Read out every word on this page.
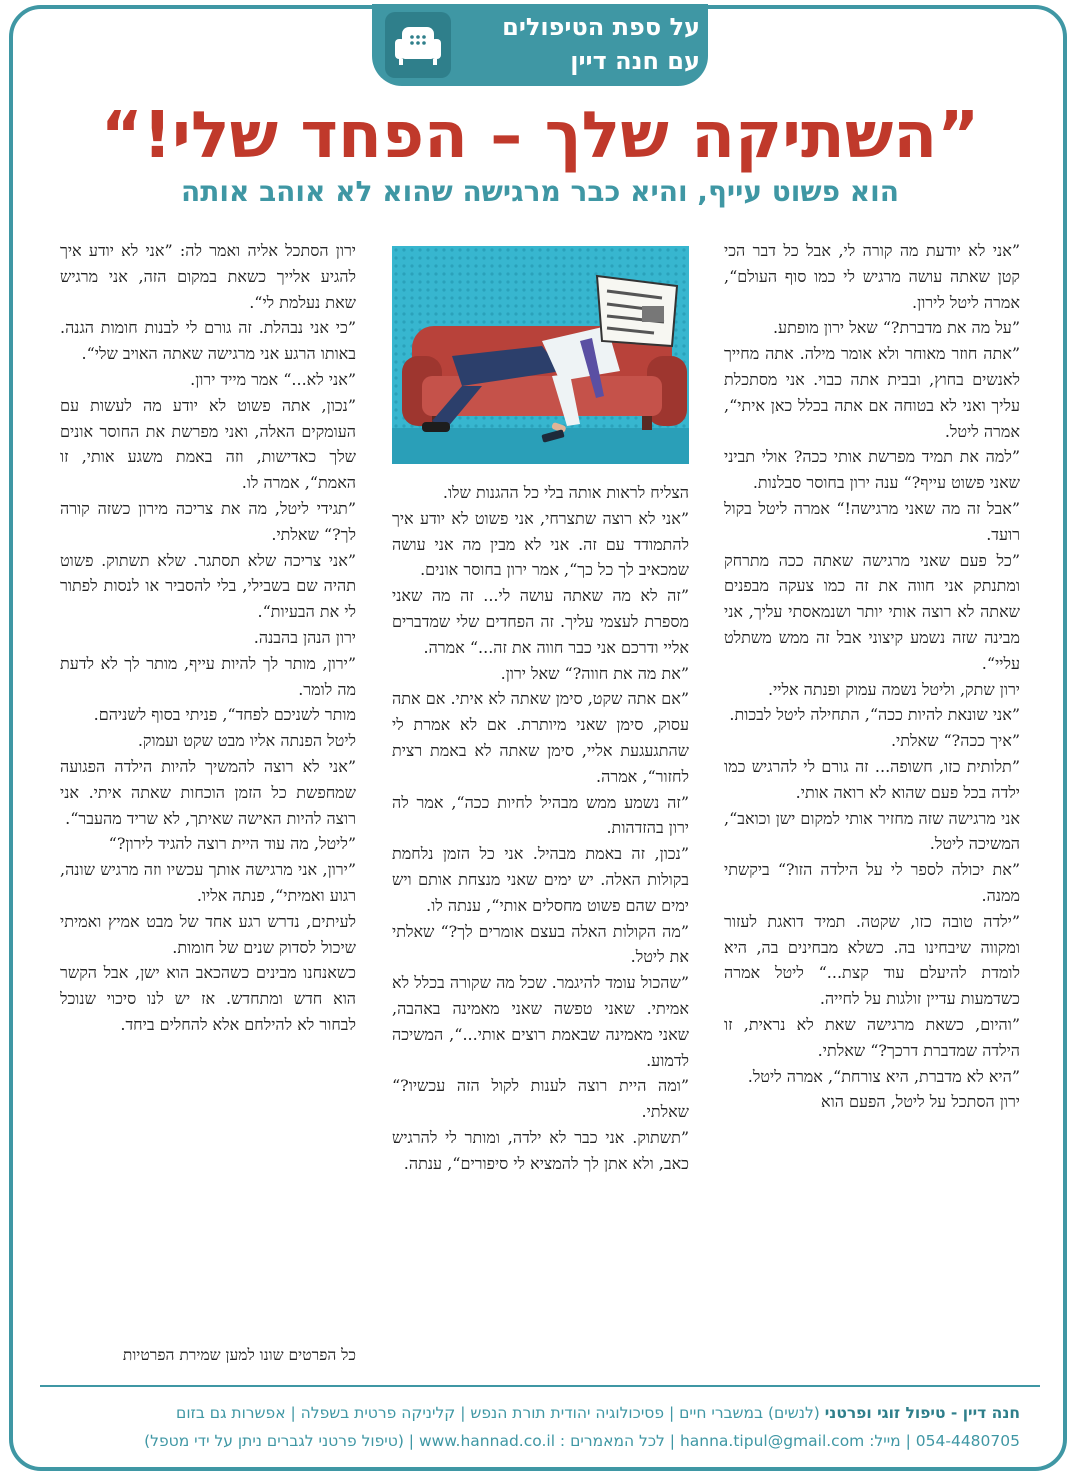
על ספת הטיפולים
עם חנה דיין
”השתיקה שלך – הפחד שלי!“
הוא פשוט עייף, והיא כבר מרגישה שהוא לא אוהב אותה

”אני לא יודעת מה קורה לי, אבל כל דבר הכי קטן שאתה עושה מרגיש לי כמו סוף העולם“, אמרה ליטל לירון.

”על מה את מדברת?“ שאל ירון מופתע.

”אתה חוזר מאוחר ולא אומר מילה. אתה מחייך לאנשים בחוץ, ובבית אתה כבוי. אני מסתכלת עליך ואני לא בטוחה אם אתה בכלל כאן איתי“, אמרה ליטל.

”למה את תמיד מפרשת אותי ככה? אולי תביני שאני פשוט עייף?“ ענה ירון בחוסר סבלנות.

”אבל זה מה שאני מרגישה!“ אמרה ליטל בקול רועד.

”כל פעם שאני מרגישה שאתה ככה מתרחק ומתנתק אני חווה את זה כמו צעקה מבפנים שאתה לא רוצה אותי יותר ושנמאסתי עליך, אני מבינה שזה נשמע קיצוני אבל זה ממש משתלט עליי“.

ירון שתק, וליטל נשמה עמוק ופנתה אליי.

”אני שונאת להיות ככה“, התחילה ליטל לבכות.

”איך ככה?“ שאלתי.

”תלותית כזו, חשופה... זה גורם לי להרגיש כמו ילדה בכל פעם שהוא לא רואה אותי.

אני מרגישה שזה מחזיר אותי למקום ישן וכואב“, המשיכה ליטל.

”את יכולה לספר לי על הילדה הזו?“ ביקשתי ממנה.

”ילדה טובה כזו, שקטה. תמיד דואגת לעזור ומקווה שיבחינו בה. כשלא מבחינים בה, היא לומדת להיעלם עוד קצת...“ ליטל אמרה כשדמעות עדיין זולגות על לחייה.

”והיום, כשאת מרגישה שאת לא נראית, זו הילדה שמדברת דרכך?“ שאלתי.

”היא לא מדברת, היא צורחת“, אמרה ליטל.

ירון הסתכל על ליטל, הפעם הוא

הצליח לראות אותה בלי כל ההגנות שלו.

”אני לא רוצה שתצרחי, אני פשוט לא יודע איך להתמודד עם זה. אני לא מבין מה אני עושה שמכאיב לך כל כך“, אמר ירון בחוסר אונים.

”זה לא מה שאתה עושה לי... זה מה שאני מספרת לעצמי עליך. זה הפחדים שלי שמדברים אליי ודרכם אני כבר חווה את זה...“ אמרה.

”את מה את חווה?“ שאל ירון.

”אם אתה שקט, סימן שאתה לא איתי. אם אתה עסוק, סימן שאני מיותרת. אם לא אמרת לי שהתגעגעת אליי, סימן שאתה לא באמת רצית לחזור“, אמרה.

”זה נשמע ממש מבהיל לחיות ככה“, אמר לה ירון בהזדהות.

”נכון, זה באמת מבהיל. אני כל הזמן נלחמת בקולות האלה. יש ימים שאני מנצחת אותם ויש ימים שהם פשוט מחסלים אותי“, ענתה לו.

”מה הקולות האלה בעצם אומרים לך?“ שאלתי את ליטל.

”שהכול עומד להיגמר. שכל מה שקורה בכלל לא אמיתי. שאני טפשה שאני מאמינה באהבה, שאני מאמינה שבאמת רוצים אותי...“, המשיכה לדמוע.

”ומה היית רוצה לענות לקול הזה עכשיו?“ שאלתי.

”תשתוק. אני כבר לא ילדה, ומותר לי להרגיש כאב, ולא אתן לך להמציא לי סיפורים“, ענתה.

ירון הסתכל אליה ואמר לה: ”אני לא יודע איך להגיע אלייך כשאת במקום הזה, אני מרגיש שאת נעלמת לי“.

”כי אני נבהלת. זה גורם לי לבנות חומות הגנה. באותו הרגע אני מרגישה שאתה האויב שלי“.

”אני לא...“ אמר מייד ירון.

”נכון, אתה פשוט לא יודע מה לעשות עם העומקים האלה, ואני מפרשת את החוסר אונים שלך כאדישות, וזה באמת משגע אותי, זו האמת“, אמרה לו.

”תגידי ליטל, מה את צריכה מירון כשזה קורה לך?“ שאלתי.

”אני צריכה שלא תסתגר. שלא תשתוק. פשוט תהיה שם בשבילי, בלי להסביר או לנסות לפתור לי את הבעיות“.

ירון הנהן בהבנה.

”ירון, מותר לך להיות עייף, מותר לך לא לדעת מה לומר.

מותר לשניכם לפחד“, פניתי בסוף לשניהם.

ליטל הפנתה אליו מבט שקט ועמוק.

”אני לא רוצה להמשיך להיות הילדה הפגועה שמחפשת כל הזמן הוכחות שאתה איתי. אני רוצה להיות האישה שאיתך, לא שריד מהעבר“.

”ליטל, מה עוד היית רוצה להגיד לירון?“

”ירון, אני מרגישה אותך עכשיו וזה מרגיש שונה, רגוע ואמיתי“, פנתה אליו.

לעיתים, נדרש רגע אחד של מבט אמיץ ואמיתי שיכול לסדוק שנים של חומות.

כשאנחנו מבינים כשהכאב הוא ישן, אבל הקשר הוא חדש ומתחדש. אז יש לנו סיכוי שנוכל לבחור לא להילחם אלא להחלים ביחד.

כל הפרטים שונו למען שמירת הפרטיות
חנה דיין - טיפול זוגי ופרטני (לנשים) במשברי חיים | פסיכולוגיה יהודית תורת הנפש | קליניקה פרטית בשפלה | אפשרות גם בזום
054-4480705 | מייל: hanna.tipul@gmail.com | לכל המאמרים : www.hannad.co.il | (טיפול פרטני לגברים ניתן על ידי מטפל)
